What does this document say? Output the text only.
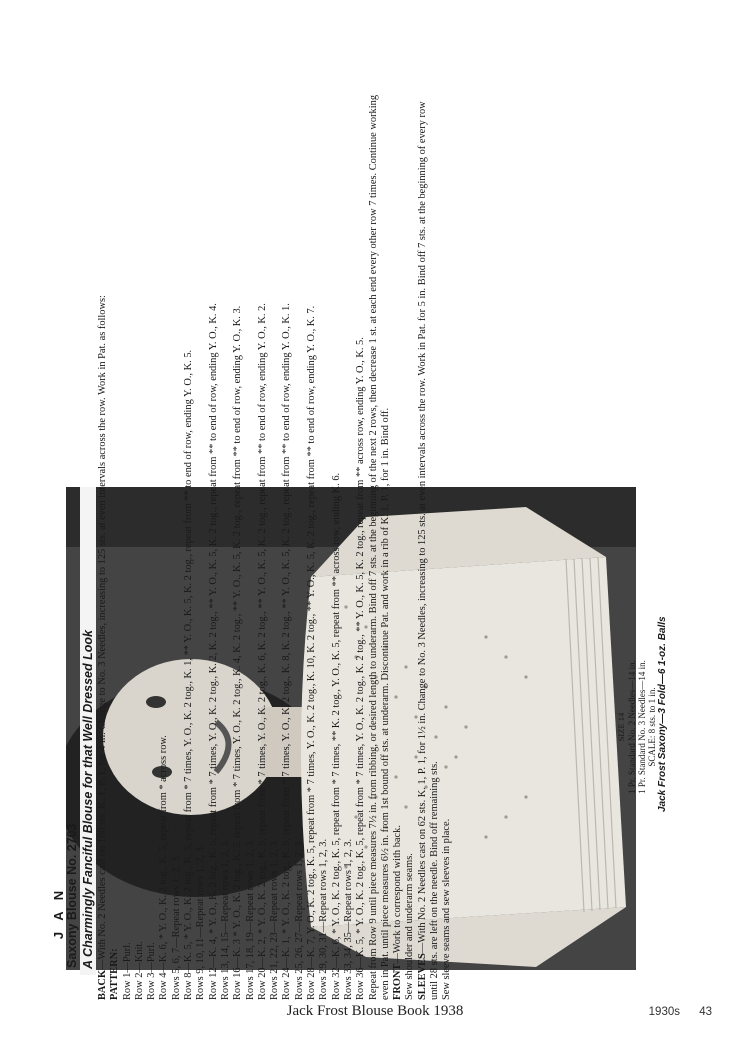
A Charmingly Fanciful Blouse for that Well Dressed Look
J A N
Saxony Blouse No. 2703
SIZE 14 1 Pr. Standard No. 2 Needles—14 in. 1 Pr. Standard No. 3 Needles—14 in. SCALE: 8 sts. to 1 in. Jack Frost Saxony—3 Fold—6 1-oz. Balls

BACK—With No. 2 Needles cast on 100 sts. K. 1, P. 1, for 4 in. Change to No. 3 Needles, increasing to 125 sts. at even intervals across the row. Work in Pat. as follows:

PATTERN: Row 1—Purl. Row 2—Knit. Row 3—Purl. Row 4—K. 6, * Y. O., K. 2 tog., K. 5, repeat from * across row. Rows 5, 6, 7—Repeat rows 1, 2, 3. Row 8—K. 5, * Y. O., K. 2 tog., K. 5, repeat from * 7 times, Y. O., K. 2 tog., K. 1, ** Y. O., K. 5, K. 2 tog., repeat from ** to end of row, ending Y. O., K. 5. Rows 9, 10, 11—Repeat rows 1, 2, 3. Row 12—K. 4, * Y. O., K. 2 tog., K. 5, repeat from * 7 times, Y. O., K. 2 tog., K. 2, K. 2 tog., ** Y. O., K. 5, K. 2 tog., repeat from ** to end of row, ending Y. O., K. 4. Rows 13, 14, 15—Repeat rows 1, 2, 3. Row 16—K. 3 * Y. O., K. 2 tog., K. 5, repeat from * 7 times, Y. O., K. 2 tog., K. 4, K. 2 tog., ** Y. O., K. 5, K. 2 tog., repeat from ** to end of row, ending Y. O., K. 3. Rows 17, 18, 19—Repeat rows 1, 2, 3. Row 20—K. 2, * Y. O., K. 2 tog., K. 5, repeat from * 7 times, Y. O., K. 2 tog., K. 6, K. 2 tog., ** Y. O., K. 5, K. 2 tog., repeat from ** to end of row, ending Y. O., K. 2. Rows 21, 22, 23—Repeat rows 1, 2, 3. Row 24—K. 1, * Y. O., K. 2 tog., K. 5, repeat from * 7 times, Y. O., K. 2 tog., K. 8, K. 2 tog., ** Y. O., K. 5, K. 2 tog., repeat from ** to end of row, ending Y. O., K. 1. Rows 25, 26, 27—Repeat rows 1, 2, 3. Row 28—K. 7, Y. O., K. 2 tog., K. 5, repeat from * 7 times, Y. O., K. 2 tog., K. 10, K. 2 tog., ** Y. O., K. 5, K. 2 tog., repeat from ** to end of row, ending Y. O., K. 7. Rows 29, 30, 31—Repeat rows 1, 2, 3. Row 32—K. 6, * Y. O., K. 2 tog., K. 5, repeat from * 7 times, ** K. 2 tog., Y. O., K. 5, repeat from ** across row, ending K. 6. Rows 33, 34, 35—Repeat rows 1, 2, 3. Row 36—K. 5, * Y. O., K. 2 tog., K. 5, repeat from * 7 times, Y. O., K. 2 tog., K. 2 tog., ** Y. O., K. 5, K. 2 tog., repeat from ** across row, ending Y. O., K. 5. Repeat from Row 9 until piece measures 7½ in. from ribbing, or desired length to underarm. Bind off 7 sts. at the beginning of the next 2 rows, then decrease 1 st. at each end every other row 7 times. Continue working even in Pat. until piece measures 6½ in. from 1st bound off sts. at underarm. Discontinue Pat. and work in a rib of K. 1, P. 1, for 1 in. Bind off. FRONT—Work to correspond with back. Sew shoulder and underarm seams. SLEEVES—With No. 2 Needles cast on 62 sts. K. 1, P. 1, for 1½ in. Change to No. 3 Needles, increasing to 125 sts. at even intervals across the row. Work in Pat. for 5 in. Bind off 7 sts. at the beginning of every row until 28 sts. are left on the needle. Bind off remaining sts. Sew sleeve seams and sew sleeves in place.

Jack Frost Blouse Book 1938	1930s 43
